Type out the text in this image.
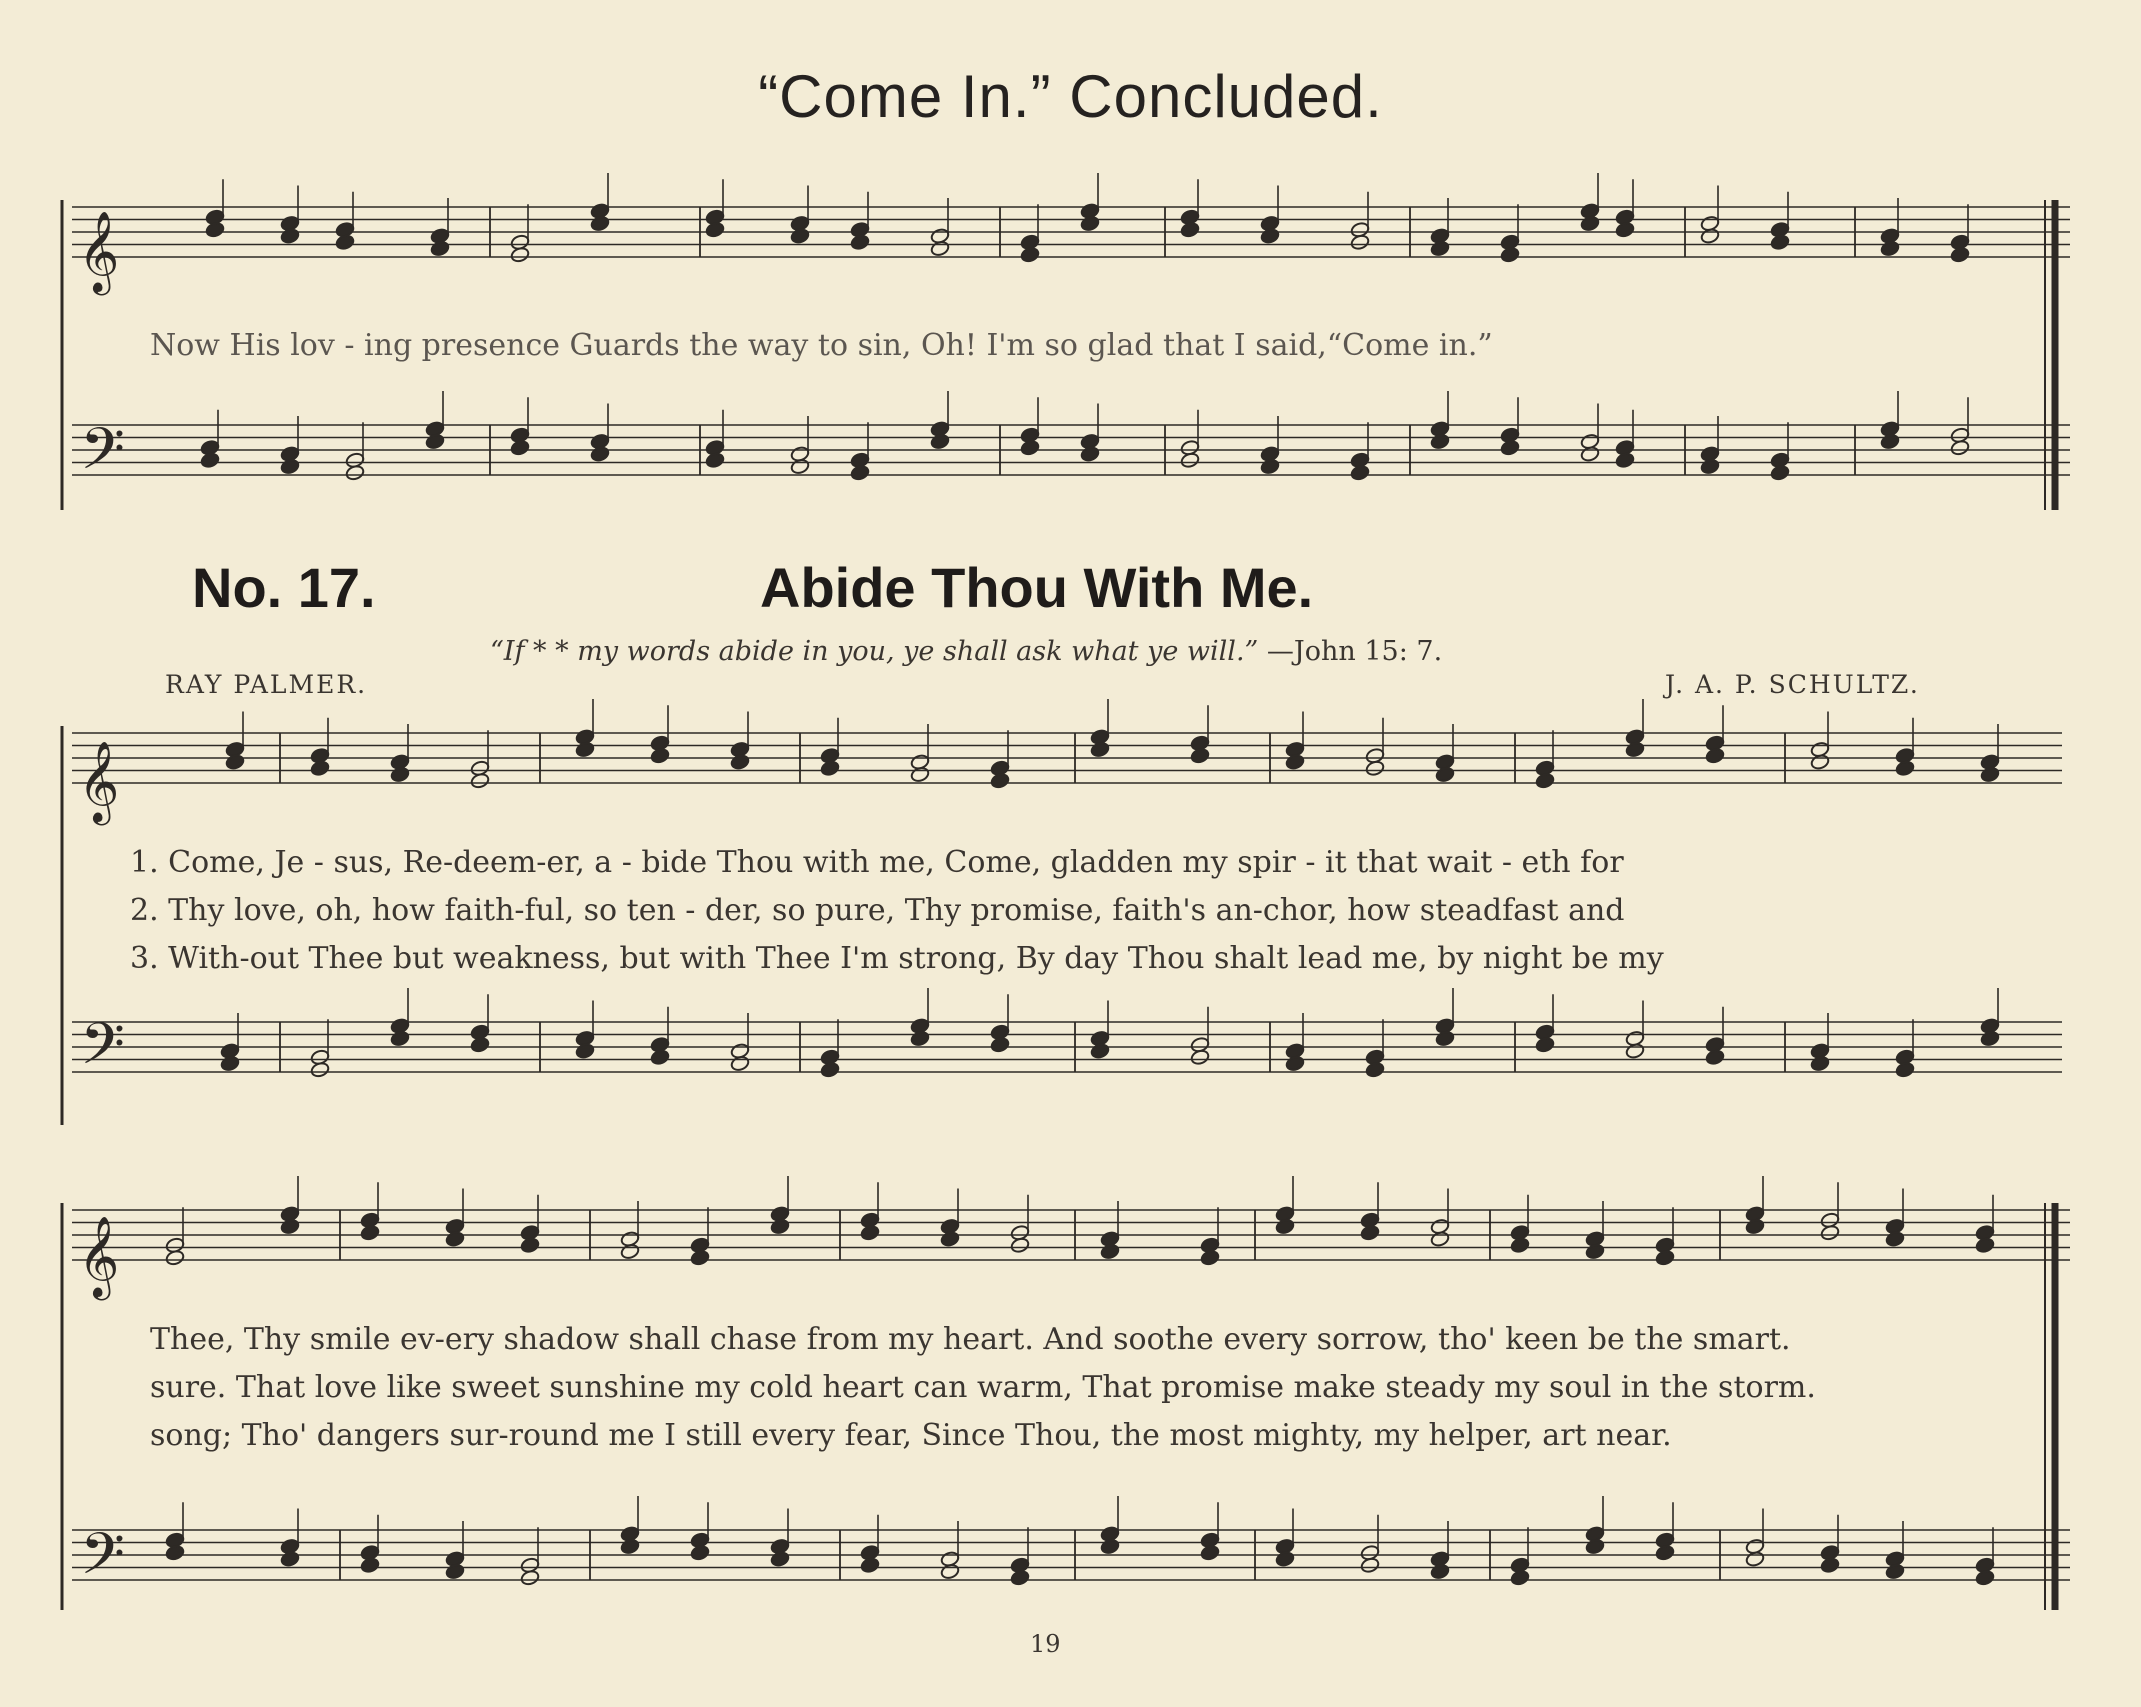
“Come In.” Concluded.
𝄞
𝄢
𝄞
𝄢
𝄞
𝄢
Now His lov - ing presence Guards the way to sin, Oh! I'm so glad that I said,“Come in.”
No. 17.	Abide Thou With Me.
“If * * my words abide in you, ye shall ask what ye will.” —John 15: 7.
RAY PALMER.	J. A. P. SCHULTZ.
1. Come, Je - sus, Re-deem-er, a - bide Thou with me, Come, gladden my spir - it that wait - eth for
2. Thy love, oh, how faith-ful, so ten - der, so pure, Thy promise, faith's an-chor, how steadfast and
3. With-out Thee but weakness, but with Thee I'm strong, By day Thou shalt lead me, by night be my
Thee, Thy smile ev-ery shadow shall chase from my heart. And soothe every sorrow, tho' keen be the smart.
sure. That love like sweet sunshine my cold heart can warm, That promise make steady my soul in the storm.
song; Tho' dangers sur-round me I still every fear, Since Thou, the most mighty, my helper, art near.
19
